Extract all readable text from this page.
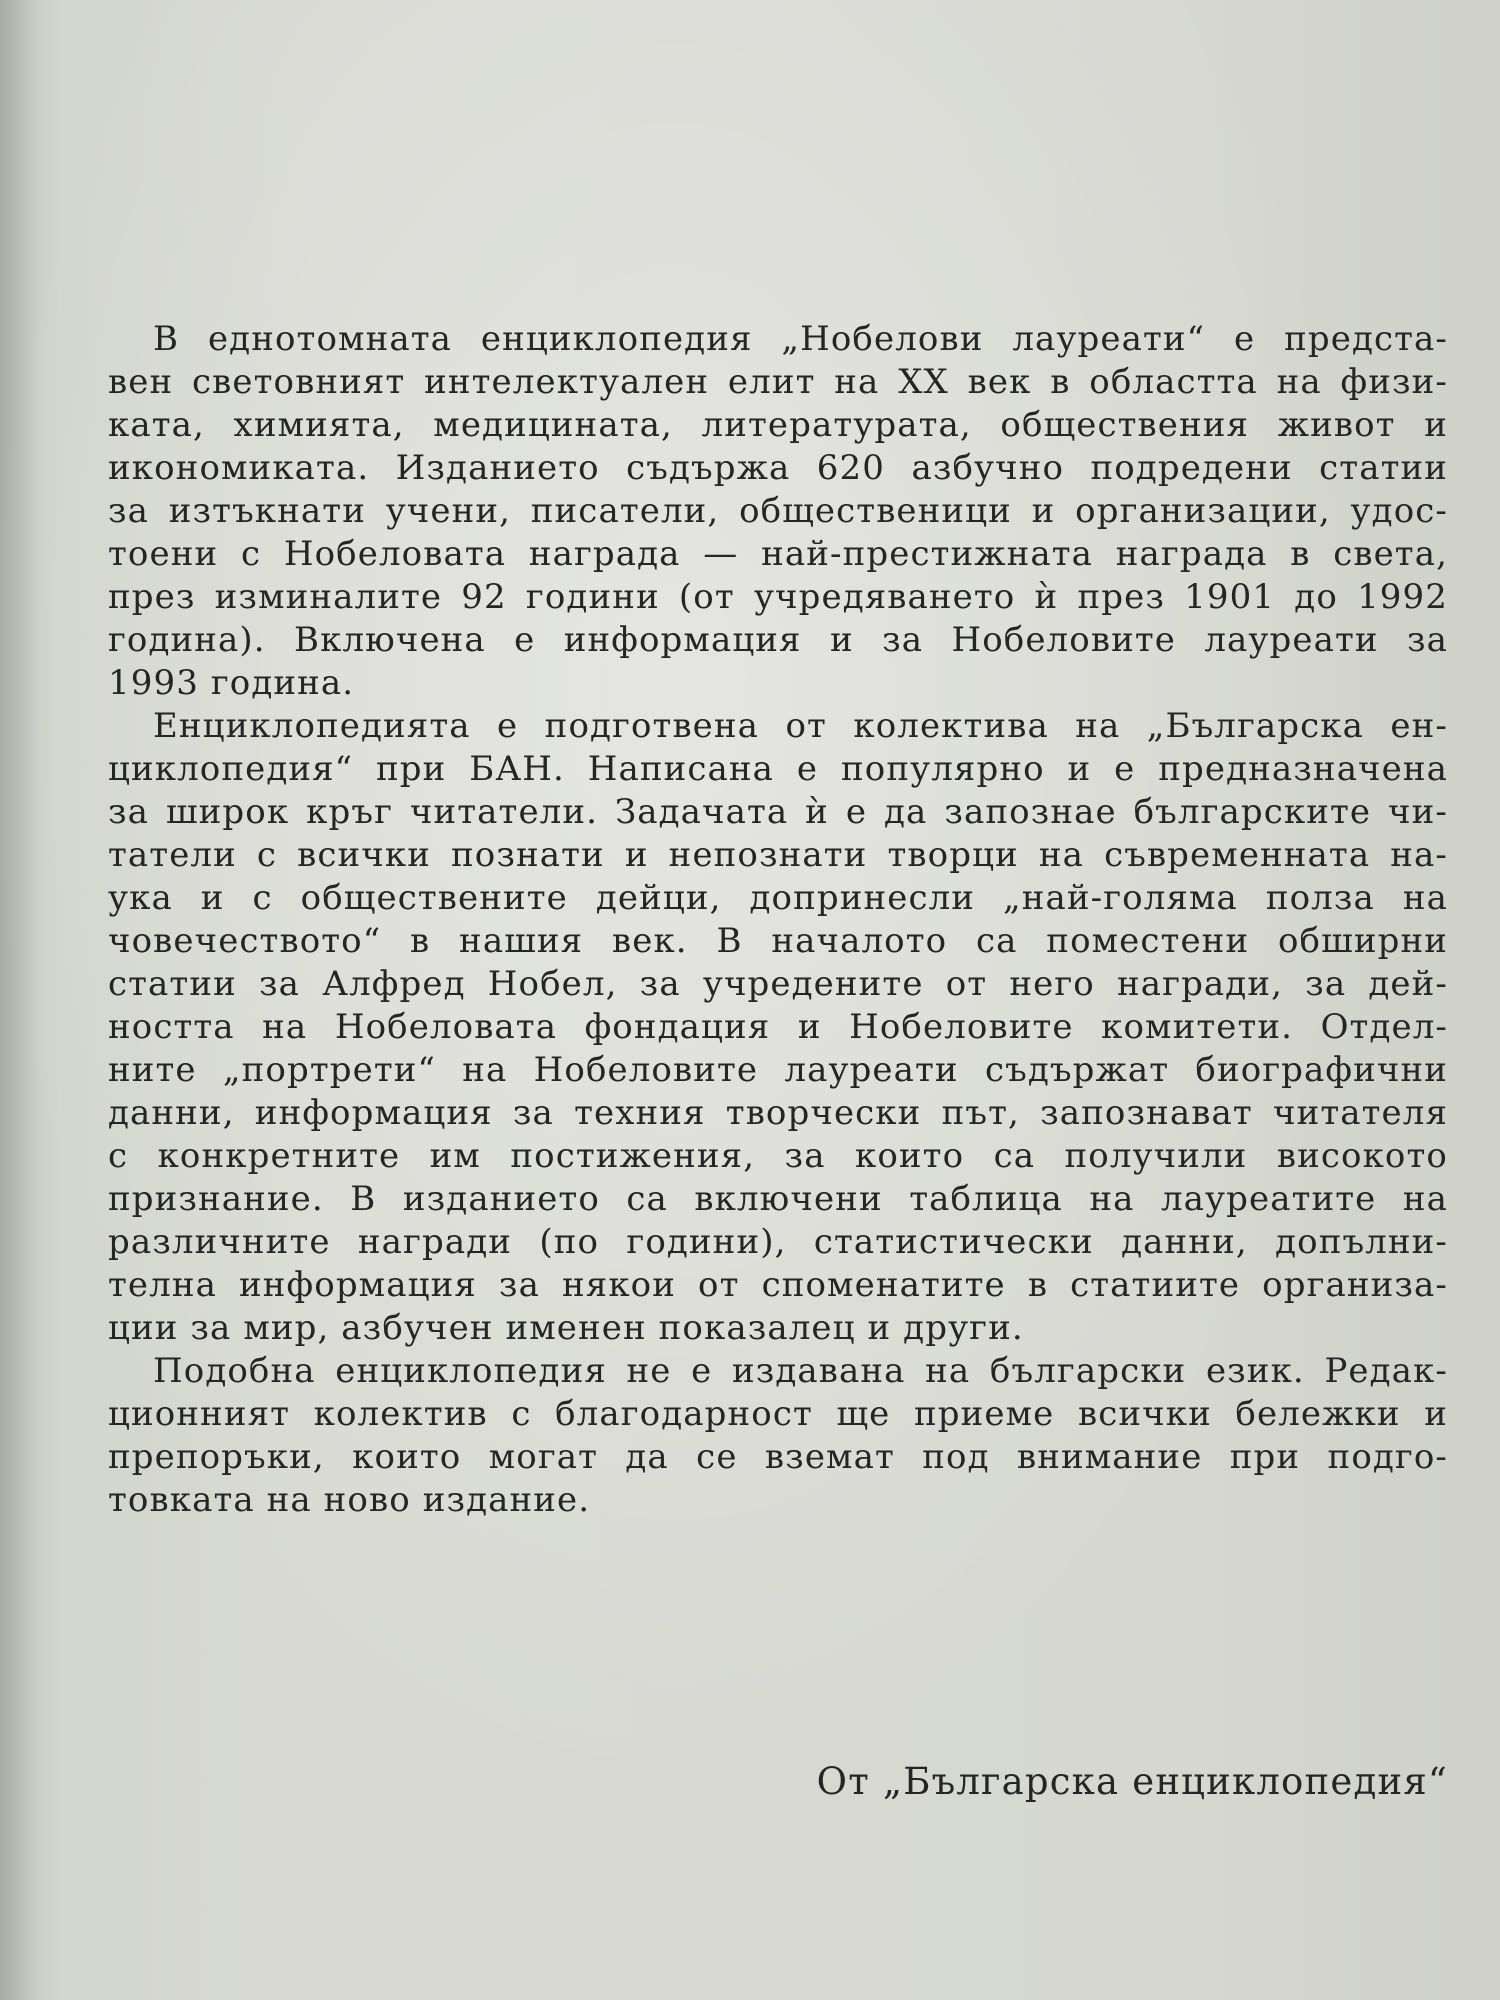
В еднотомната енциклопедия „Нобелови лауреати“ е предста-
вен световният интелектуален елит на XX век в областта на физи-
ката, химията, медицината, литературата, обществения живот и
икономиката. Изданието съдържа 620 азбучно подредени статии
за изтъкнати учени, писатели, общественици и организации, удос-
тоени с Нобеловата награда — най-престижната награда в света,
през изминалите 92 години (от учредяването ѝ през 1901 до 1992
година). Включена е информация и за Нобеловите лауреати за
1993 година.
Енциклопедията е подготвена от колектива на „Българска ен-
циклопедия“ при БАН. Написана е популярно и е предназначена
за широк кръг читатели. Задачата ѝ е да запознае българските чи-
татели с всички познати и непознати творци на съвременната на-
ука и с обществените дейци, допринесли „най-голяма полза на
човечеството“ в нашия век. В началото са поместени обширни
статии за Алфред Нобел, за учредените от него награди, за дей-
ността на Нобеловата фондация и Нобеловите комитети. Отдел-
ните „портрети“ на Нобеловите лауреати съдържат биографични
данни, информация за техния творчески път, запознават читателя
с конкретните им постижения, за които са получили високото
признание. В изданието са включени таблица на лауреатите на
различните награди (по години), статистически данни, допълни-
телна информация за някои от споменатите в статиите организа-
ции за мир, азбучен именен показалец и други.
Подобна енциклопедия не е издавана на български език. Редак-
ционният колектив с благодарност ще приеме всички бележки и
препоръки, които могат да се вземат под внимание при подго-
товката на ново издание.
От „Българска енциклопедия“
